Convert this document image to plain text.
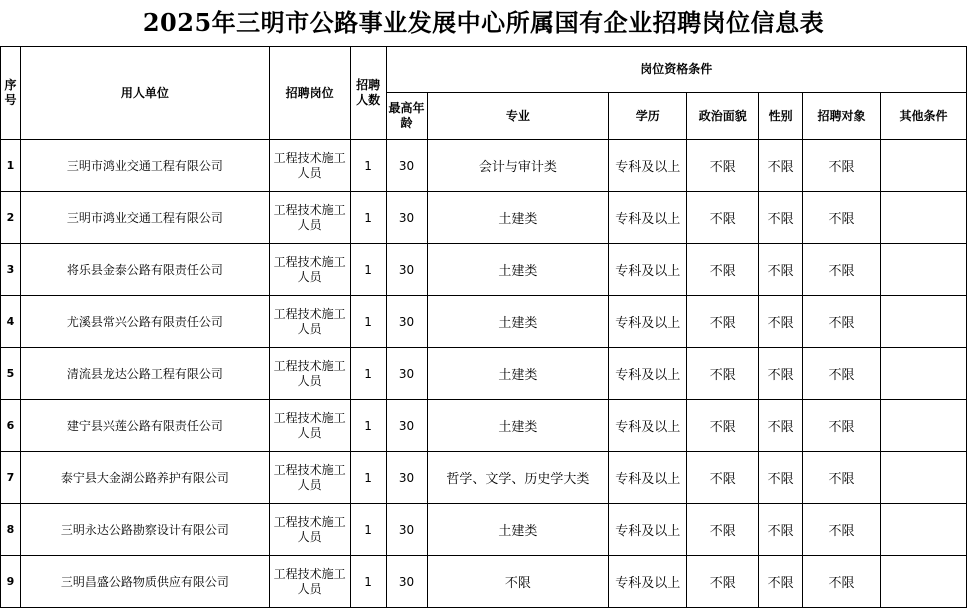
2025年三明市公路事业发展中心所属国有企业招聘岗位信息表
序号	用人单位	招聘岗位	招聘人数	岗位资格条件						
				最高年龄	专业	学历	政治面貌	性别	招聘对象	其他条件
1	三明市鸿业交通工程有限公司	工程技术施工人员	1	30	会计与审计类	专科及以上	不限	不限	不限	
2	三明市鸿业交通工程有限公司	工程技术施工人员	1	30	土建类	专科及以上	不限	不限	不限	
3	将乐县金泰公路有限责任公司	工程技术施工人员	1	30	土建类	专科及以上	不限	不限	不限	
4	尤溪县常兴公路有限责任公司	工程技术施工人员	1	30	土建类	专科及以上	不限	不限	不限	
5	清流县龙达公路工程有限公司	工程技术施工人员	1	30	土建类	专科及以上	不限	不限	不限	
6	建宁县兴莲公路有限责任公司	工程技术施工人员	1	30	土建类	专科及以上	不限	不限	不限	
7	泰宁县大金湖公路养护有限公司	工程技术施工人员	1	30	哲学、文学、历史学大类	专科及以上	不限	不限	不限	
8	三明永达公路勘察设计有限公司	工程技术施工人员	1	30	土建类	专科及以上	不限	不限	不限	
9	三明昌盛公路物质供应有限公司	工程技术施工人员	1	30	不限	专科及以上	不限	不限	不限	
